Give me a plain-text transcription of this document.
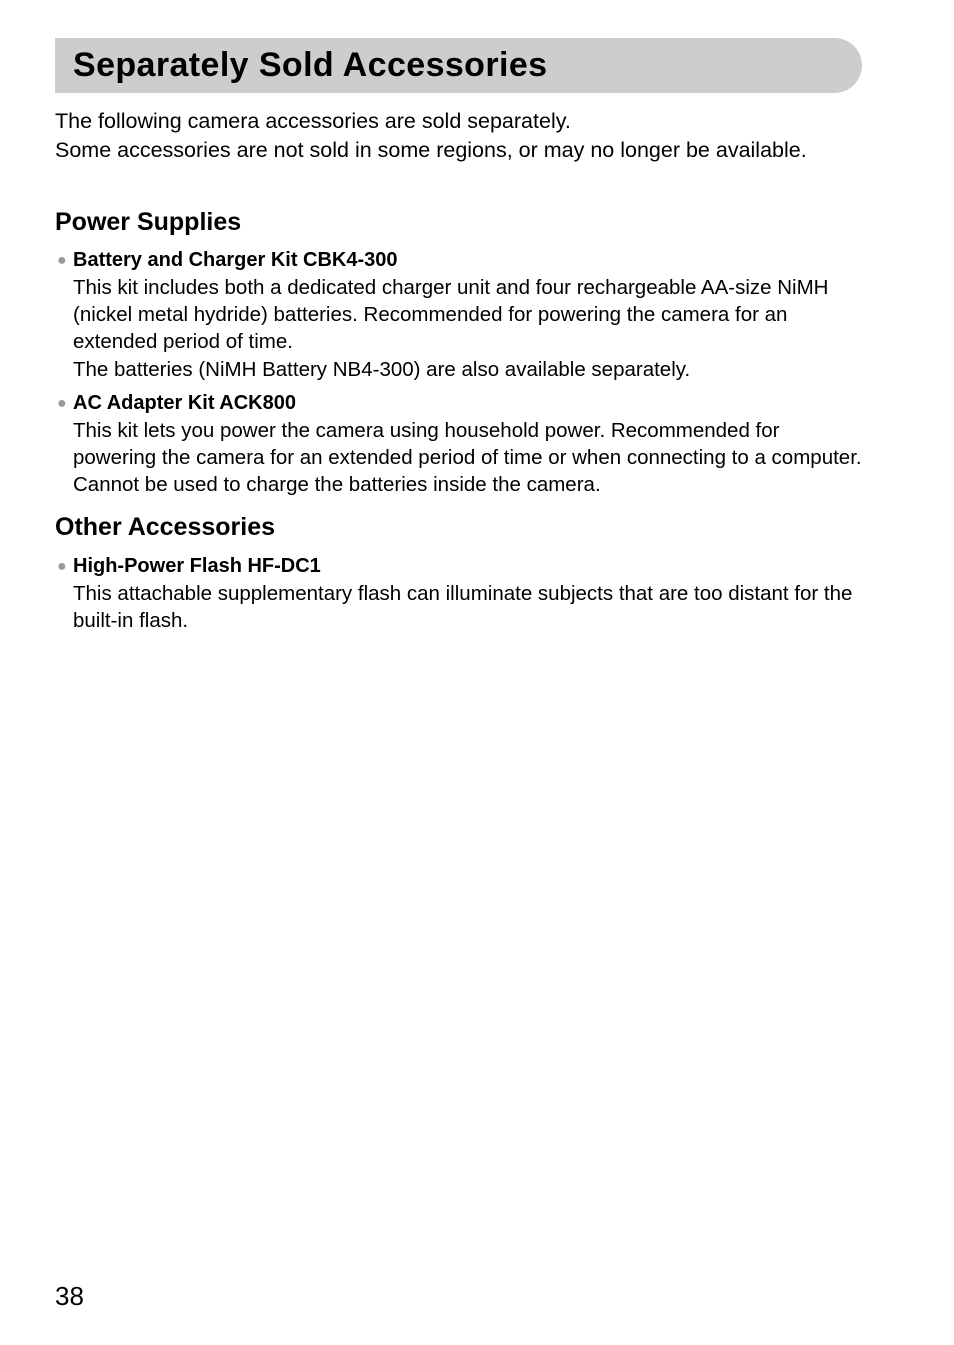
Separately Sold Accessories

The following camera accessories are sold separately.

Some accessories are not sold in some regions, or may no longer be available.

Power Supplies
● Battery and Charger Kit CBK4-300

This kit includes both a dedicated charger unit and four rechargeable AA-size NiMH (nickel metal hydride) batteries. Recommended for powering the camera for an extended period of time.

The batteries (NiMH Battery NB4-300) are also available separately.

● AC Adapter Kit ACK800

This kit lets you power the camera using household power. Recommended for powering the camera for an extended period of time or when connecting to a computer. Cannot be used to charge the batteries inside the camera.

Other Accessories
● High-Power Flash HF-DC1

This attachable supplementary flash can illuminate subjects that are too distant for the built-in flash.

38
